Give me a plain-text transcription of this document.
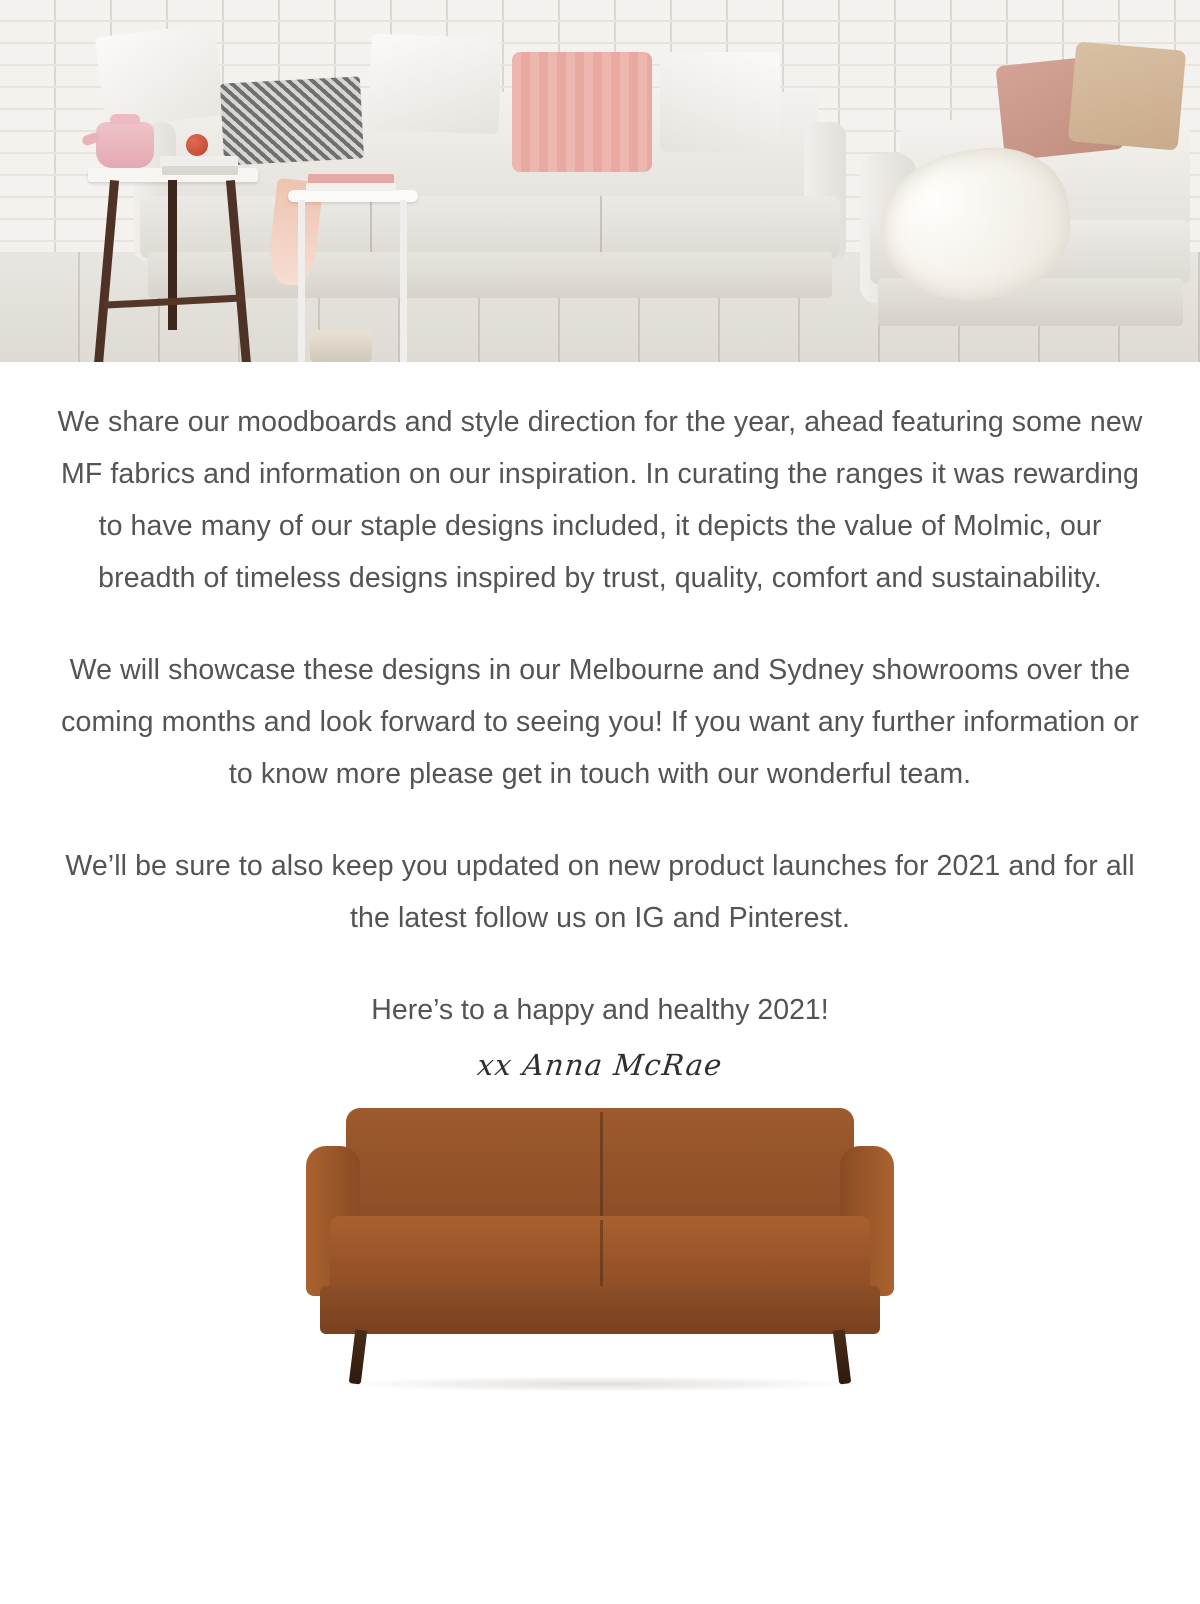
We share our moodboards and style direction for the year, ahead featuring some new MF fabrics and information on our inspiration. In curating the ranges it was rewarding to have many of our staple designs included, it depicts the value of Molmic, our breadth of timeless designs inspired by trust, quality, comfort and sustainability.

We will showcase these designs in our Melbourne and Sydney showrooms over the coming months and look forward to seeing you! If you want any further information or to know more please get in touch with our wonderful team.

We’ll be sure to also keep you updated on new product launches for 2021 and for all the latest follow us on IG and Pinterest.

Here’s to a happy and healthy 2021!

xx Anna McRae
